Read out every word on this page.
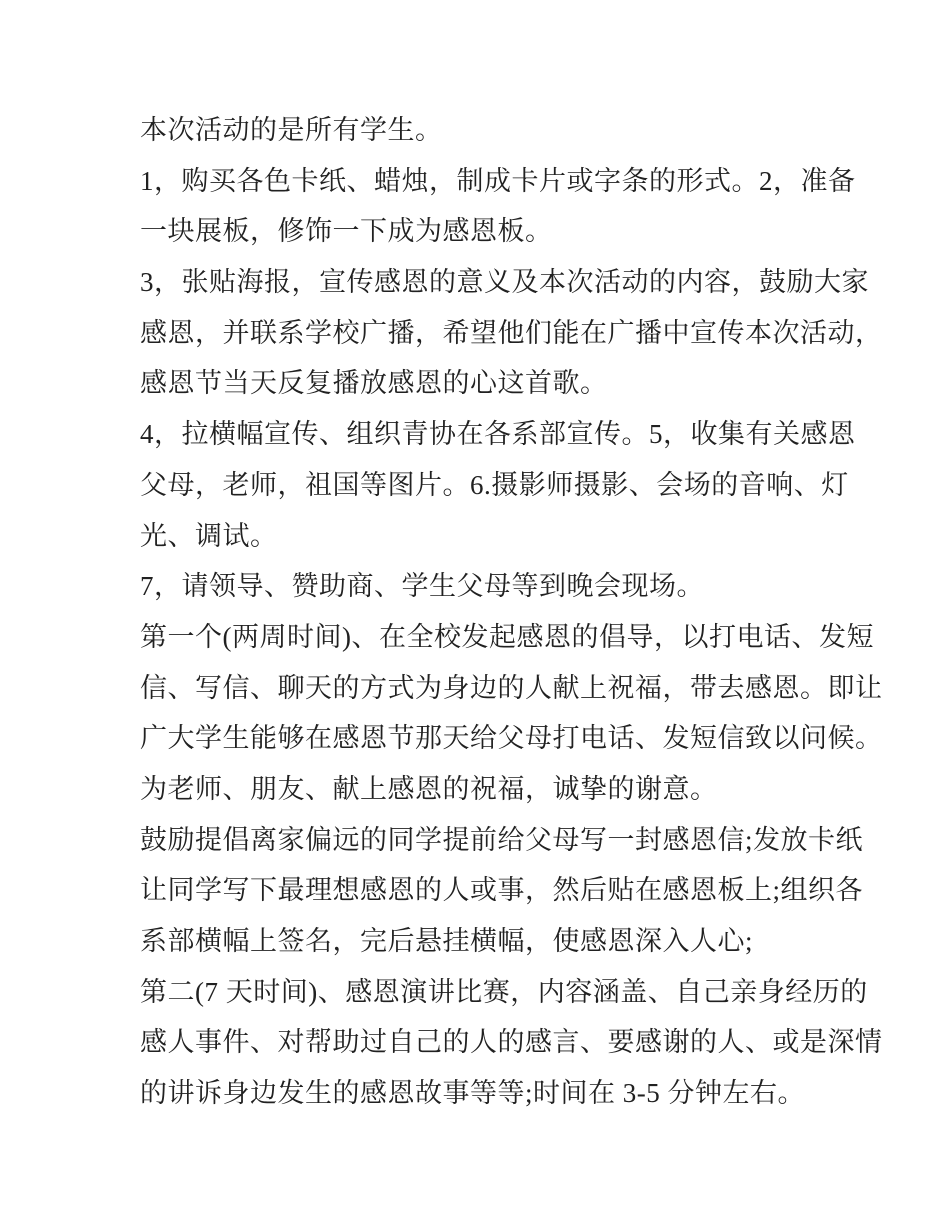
本次活动的是所有学生。
1，购买各色卡纸、蜡烛，制成卡片或字条的形式。2，准备
一块展板，修饰一下成为感恩板。
3，张贴海报，宣传感恩的意义及本次活动的内容，鼓励大家
感恩，并联系学校广播，希望他们能在广播中宣传本次活动，
感恩节当天反复播放感恩的心这首歌。
4，拉横幅宣传、组织青协在各系部宣传。5，收集有关感恩
父母，老师，祖国等图片。6.摄影师摄影、会场的音响、灯
光、调试。
7，请领导、赞助商、学生父母等到晚会现场。
第一个(两周时间)、在全校发起感恩的倡导，以打电话、发短
信、写信、聊天的方式为身边的人献上祝福，带去感恩。即让
广大学生能够在感恩节那天给父母打电话、发短信致以问候。
为老师、朋友、献上感恩的祝福，诚挚的谢意。
鼓励提倡离家偏远的同学提前给父母写一封感恩信;发放卡纸
让同学写下最理想感恩的人或事，然后贴在感恩板上;组织各
系部横幅上签名，完后悬挂横幅，使感恩深入人心;
第二(7 天时间)、感恩演讲比赛，内容涵盖、自己亲身经历的
感人事件、对帮助过自己的人的感言、要感谢的人、或是深情
的讲诉身边发生的感恩故事等等;时间在 3-5 分钟左右。
